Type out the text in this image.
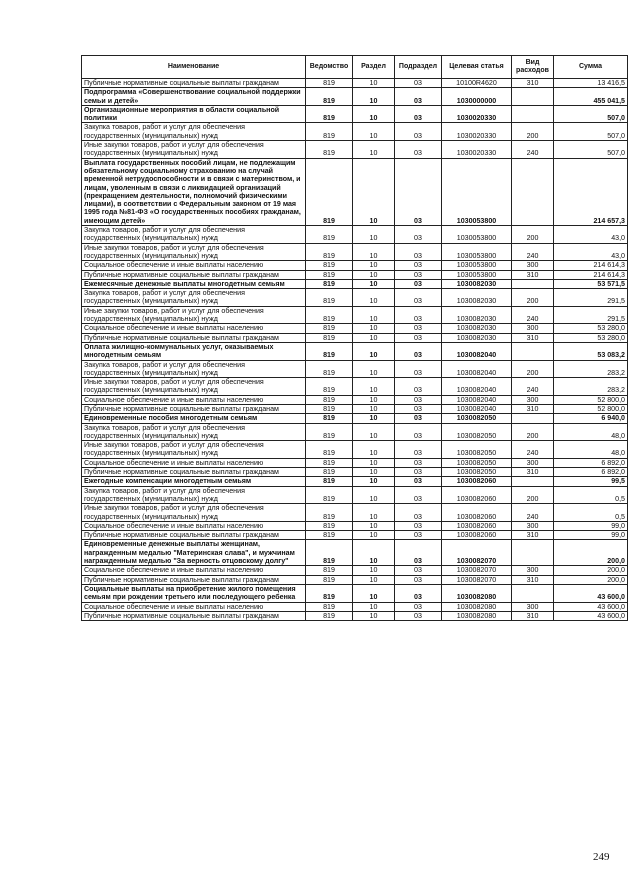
Наименование	Ведомство	Раздел	Подраздел	Целевая статья	Вид расходов	Сумма
Публичные нормативные социальные выплаты гражданам	819	10	03	10100R4620	310	13 416,5
Подпрограмма «Совершенствование социальной поддержки семьи и детей»	819	10	03	1030000000		455 041,5
Организационные мероприятия в области социальной политики	819	10	03	1030020330		507,0
Закупка товаров, работ и услуг для обеспечения государственных (муниципальных) нужд	819	10	03	1030020330	200	507,0
Иные закупки товаров, работ и услуг для обеспечения государственных (муниципальных) нужд	819	10	03	1030020330	240	507,0
Выплата государственных пособий лицам, не подлежащим обязательному социальному страхованию на случай временной нетрудоспособности и в связи с материнством, и лицам, уволенным в связи с ликвидацией организаций (прекращением деятельности, полномочий физическими лицами), в соответствии с Федеральным законом от 19 мая 1995 года №81-ФЗ «О государственных пособиях гражданам, имеющим детей»	819	10	03	1030053800		214 657,3
Закупка товаров, работ и услуг для обеспечения государственных (муниципальных) нужд	819	10	03	1030053800	200	43,0
Иные закупки товаров, работ и услуг для обеспечения государственных (муниципальных) нужд	819	10	03	1030053800	240	43,0
Социальное обеспечение и иные выплаты населению	819	10	03	1030053800	300	214 614,3
Публичные нормативные социальные выплаты гражданам	819	10	03	1030053800	310	214 614,3
Ежемесячные денежные выплаты многодетным семьям	819	10	03	1030082030		53 571,5
Закупка товаров, работ и услуг для обеспечения государственных (муниципальных) нужд	819	10	03	1030082030	200	291,5
Иные закупки товаров, работ и услуг для обеспечения государственных (муниципальных) нужд	819	10	03	1030082030	240	291,5
Социальное обеспечение и иные выплаты населению	819	10	03	1030082030	300	53 280,0
Публичные нормативные социальные выплаты гражданам	819	10	03	1030082030	310	53 280,0
Оплата жилищно-коммунальных услуг, оказываемых многодетным семьям	819	10	03	1030082040		53 083,2
Закупка товаров, работ и услуг для обеспечения государственных (муниципальных) нужд	819	10	03	1030082040	200	283,2
Иные закупки товаров, работ и услуг для обеспечения государственных (муниципальных) нужд	819	10	03	1030082040	240	283,2
Социальное обеспечение и иные выплаты населению	819	10	03	1030082040	300	52 800,0
Публичные нормативные социальные выплаты гражданам	819	10	03	1030082040	310	52 800,0
Единовременные пособия многодетным семьям	819	10	03	1030082050		6 940,0
Закупка товаров, работ и услуг для обеспечения государственных (муниципальных) нужд	819	10	03	1030082050	200	48,0
Иные закупки товаров, работ и услуг для обеспечения государственных (муниципальных) нужд	819	10	03	1030082050	240	48,0
Социальное обеспечение и иные выплаты населению	819	10	03	1030082050	300	6 892,0
Публичные нормативные социальные выплаты гражданам	819	10	03	1030082050	310	6 892,0
Ежегодные компенсации многодетным семьям	819	10	03	1030082060		99,5
Закупка товаров, работ и услуг для обеспечения государственных (муниципальных) нужд	819	10	03	1030082060	200	0,5
Иные закупки товаров, работ и услуг для обеспечения государственных (муниципальных) нужд	819	10	03	1030082060	240	0,5
Социальное обеспечение и иные выплаты населению	819	10	03	1030082060	300	99,0
Публичные нормативные социальные выплаты гражданам	819	10	03	1030082060	310	99,0
Единовременные денежные выплаты женщинам, награжденным медалью "Материнская слава", и мужчинам награжденным медалью "За верность отцовскому долгу"	819	10	03	1030082070		200,0
Социальное обеспечение и иные выплаты населению	819	10	03	1030082070	300	200,0
Публичные нормативные социальные выплаты гражданам	819	10	03	1030082070	310	200,0
Социальные выплаты на приобретение жилого помещения семьям при рождении третьего или последующего ребенка	819	10	03	1030082080		43 600,0
Социальное обеспечение и иные выплаты населению	819	10	03	1030082080	300	43 600,0
Публичные нормативные социальные выплаты гражданам	819	10	03	1030082080	310	43 600,0
249
